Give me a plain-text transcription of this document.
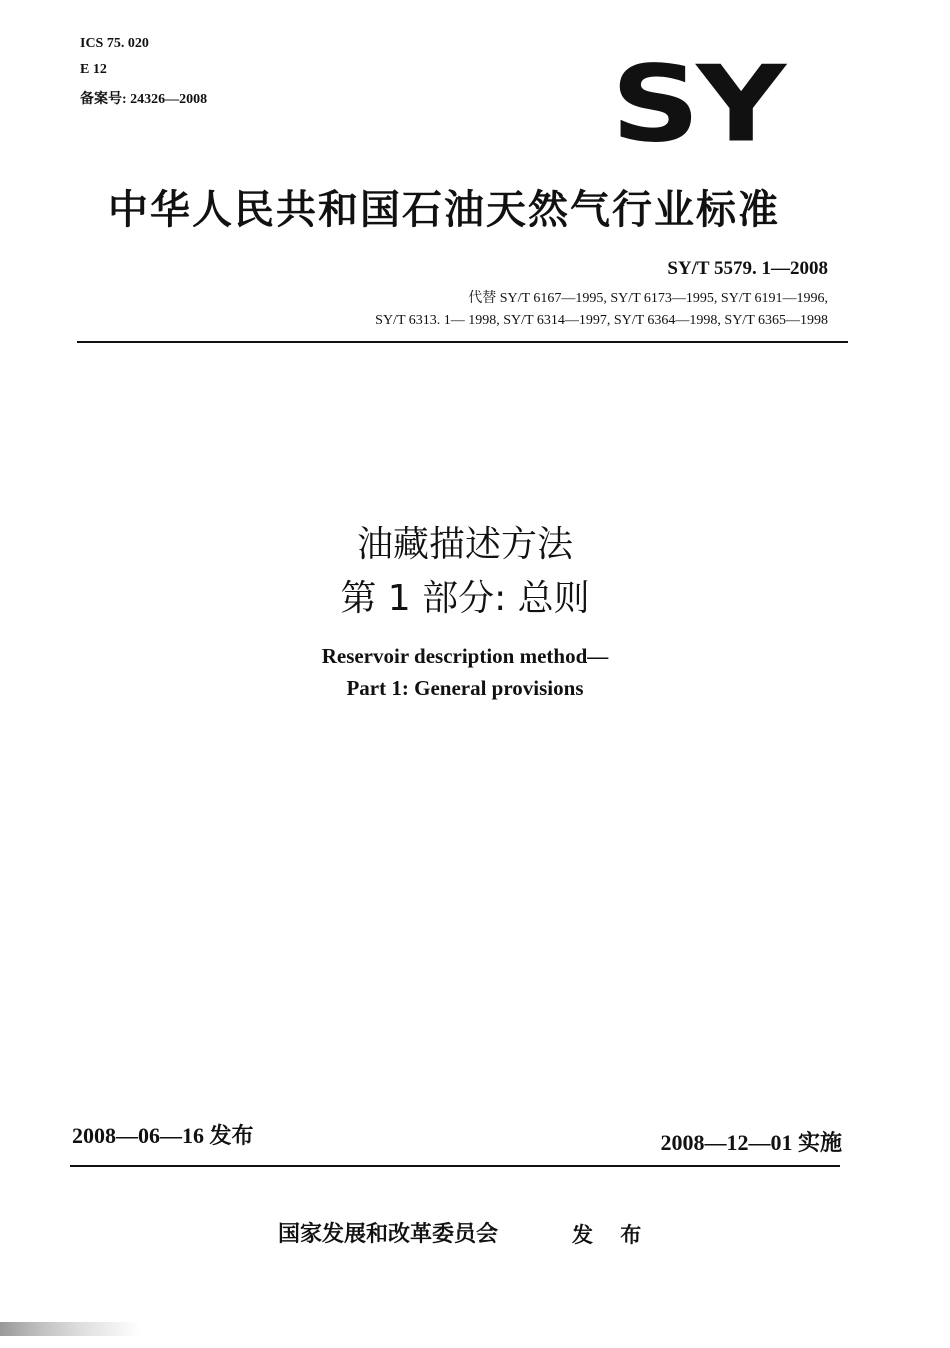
ICS 75. 020
E 12
备案号: 24326—2008	SY
中华人民共和国石油天然气行业标准
SY/T 5579. 1—2008
代替 SY/T 6167—1995, SY/T 6173—1995, SY/T 6191—1996,
SY/T 6313. 1— 1998, SY/T 6314—1997, SY/T 6364—1998, SY/T 6365—1998
油藏描述方法
第 1 部分: 总则
Reservoir description method—
Part 1: General provisions
2008—06—16 发布	2008—12—01 实施
国家发展和改革委员会	发 布
